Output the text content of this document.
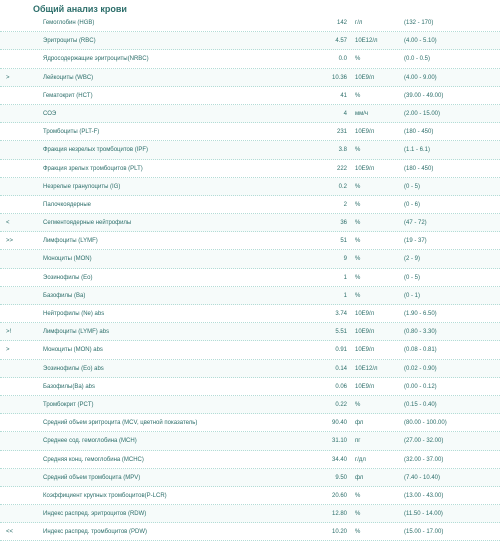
Общий анализ крови
Гемоглобин (HGB)	142 г/л	(132 - 170)
Эритроциты (RBC)	4.57 10E12/л	(4.00 - 5.10)
Ядросодержащие эритроциты(NRBC)	0.0 %	(0.0 - 0.5)
>	Лейкоциты (WBC)	10.36 10E9/л	(4.00 - 9.00)
Гематокрит (HCT)	41 %	(39.00 - 49.00)
СОЭ	4 мм/ч	(2.00 - 15.00)
Тромбоциты (PLT-F)	231 10E9/л	(180 - 450)
Фракция незрелых тромбоцитов (IPF)	3.8 %	(1.1 - 6.1)
Фракция зрелых тромбоцитов (PLT)	222 10E9/л	(180 - 450)
Незрелые гранулоциты (IG)	0.2 %	(0 - 5)
Палочкоядерные	2 %	(0 - 6)
<	Сегментоядерные нейтрофилы	36 %	(47 - 72)
>>	Лимфоциты (LYMF)	51 %	(19 - 37)
Моноциты (MON)	9 %	(2 - 9)
Эозинофилы (Eo)	1 %	(0 - 5)
Базофилы (Ba)	1 %	(0 - 1)
Нейтрофилы (Ne) abs	3.74 10E9/л	(1.90 - 6.50)
>!	Лимфоциты (LYMF) abs	5.51 10E9/л	(0.80 - 3.30)
>	Моноциты (MON) abs	0.91 10E9/л	(0.08 - 0.81)
Эозинофилы (Eo) abs	0.14 10E12/л	(0.02 - 0.90)
Базофилы(Ba) abs	0.06 10E9/л	(0.00 - 0.12)
Тромбокрит (PCT)	0.22 %	(0.15 - 0.40)
Средний объем эритроцита (MCV, цветной показатель)	90.40 фл	(80.00 - 100.00)
Среднее сод. гемоглобина (MCH)	31.10 пг	(27.00 - 32.00)
Средняя конц. гемоглобина (MCHC)	34.40 г/дл	(32.00 - 37.00)
Средний объем тромбоцита (MPV)	9.50 фл	(7.40 - 10.40)
Коэффициент крупных тромбоцитов(P-LCR)	20.60 %	(13.00 - 43.00)
Индекс распред. эритроцитов (RDW)	12.80 %	(11.50 - 14.00)
<<	Индекс распред. тромбоцитов (PDW)	10.20 %	(15.00 - 17.00)
